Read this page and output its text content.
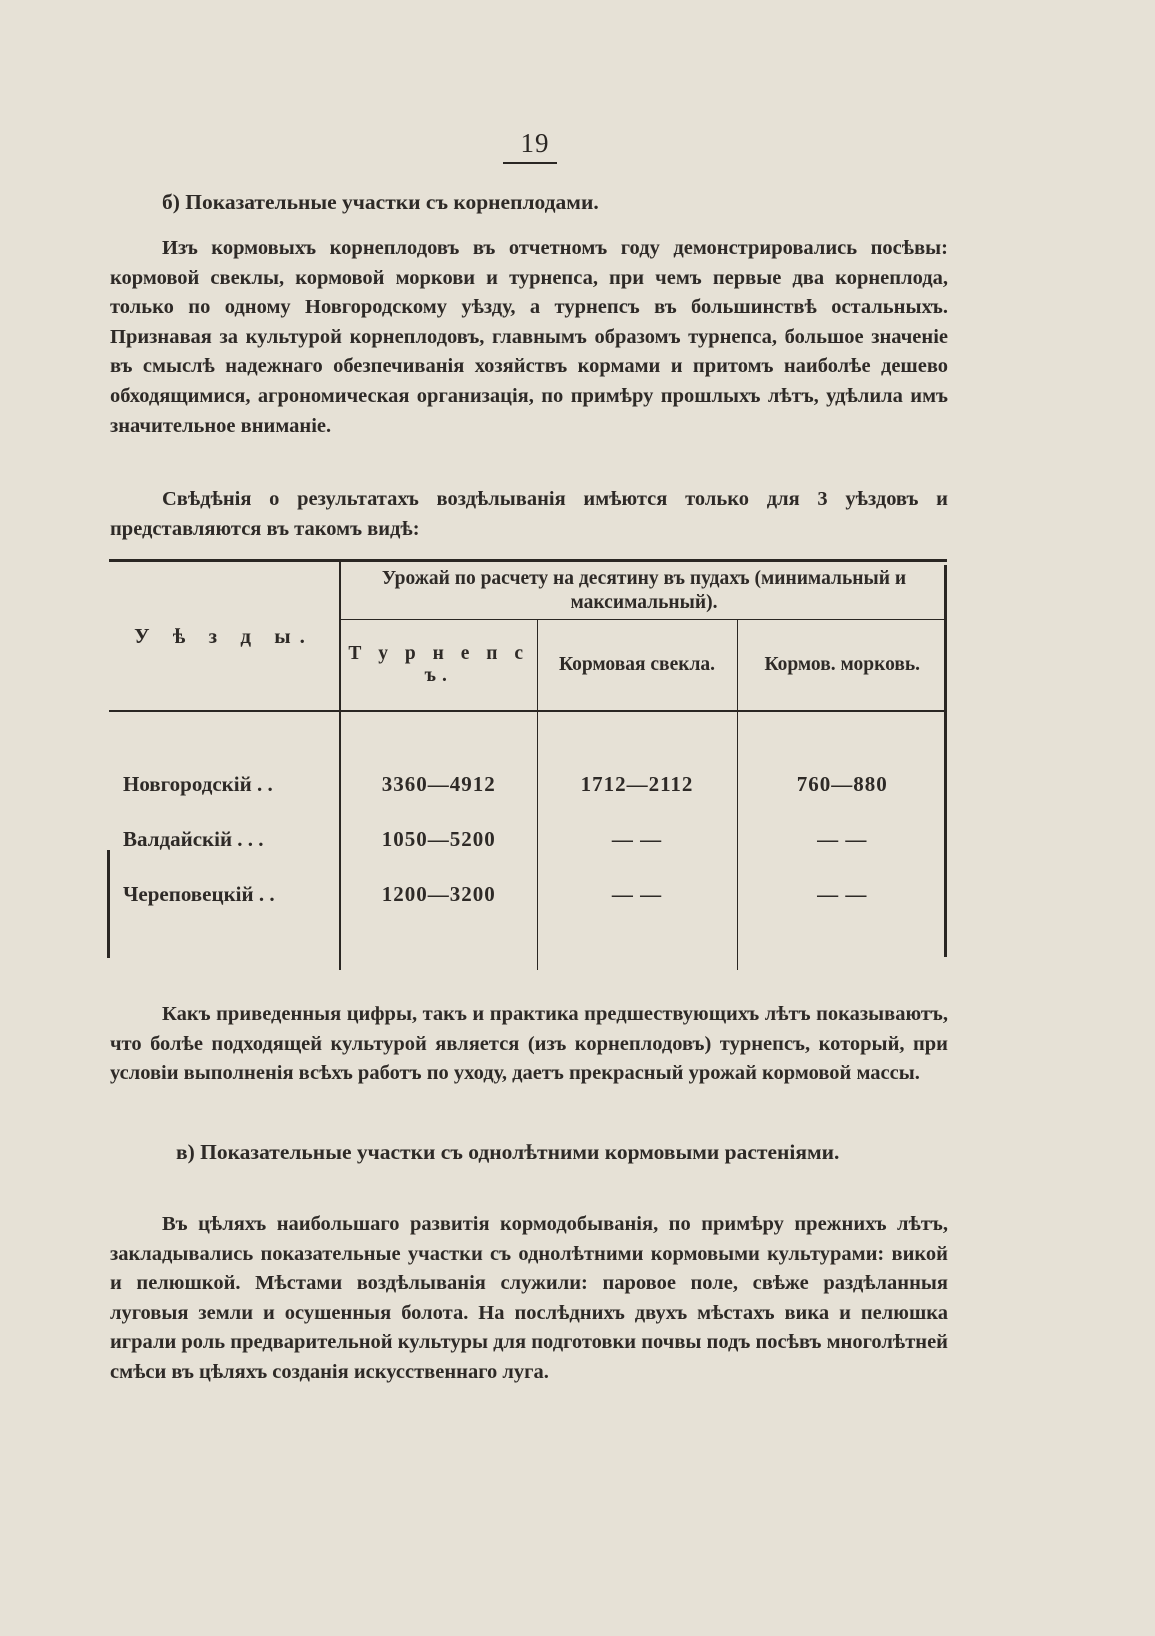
19
б) Показательные участки съ корнеплодами.
Изъ кормовыхъ корнеплодовъ въ отчетномъ году демонстрировались посѣвы: кормовой свеклы, кормовой моркови и турнепса, при чемъ первые два корнеплода, только по одному Новгородскому уѣзду, а турнепсъ въ большинствѣ остальныхъ. Признавая за культурой корнеплодовъ, главнымъ образомъ турнепса, большое значенiе въ смыслѣ надежнаго обезпечиванiя хозяйствъ кормами и притомъ наиболѣе дешево обходящимися, агрономическая организацiя, по примѣру прошлыхъ лѣтъ, удѣлила имъ значительное вниманiе.
Свѣдѣнiя о результатахъ воздѣлыванiя имѣются только для 3 уѣздовъ и представляются въ такомъ видѣ:
У ѣ з д ы.	Урожай по расчету на десятину въ пудахъ (минимальный и максимальный).		
	Т у р н е п с ъ.	Кормовая свекла.	Кормов. морковь.

Новгородскiй . .	3360—4912	1712—2112	760—880
Валдайскiй . . .	1050—5200	— —	— —
Череповецкiй . .	1200—3200	— —	— —

Какъ приведенныя цифры, такъ и практика предшествующихъ лѣтъ показываютъ, что болѣе подходящей культурой является (изъ корнеплодовъ) турнепсъ, который, при условiи выполненiя всѣхъ работъ по уходу, даетъ прекрасный урожай кормовой массы.
в) Показательные участки съ однолѣтними кормовыми растенiями.
Въ цѣляхъ наибольшаго развитiя кормодобыванiя, по примѣру прежнихъ лѣтъ, закладывались показательные участки съ однолѣтними кормовыми культурами: викой и пелюшкой. Мѣстами воздѣлыванiя служили: паровое поле, свѣже раздѣланныя луговыя земли и осушенныя болота. На послѣднихъ двухъ мѣстахъ вика и пелюшка играли роль предварительной культуры для подготовки почвы подъ посѣвъ многолѣтней смѣси въ цѣляхъ созданiя искусственнаго луга.
